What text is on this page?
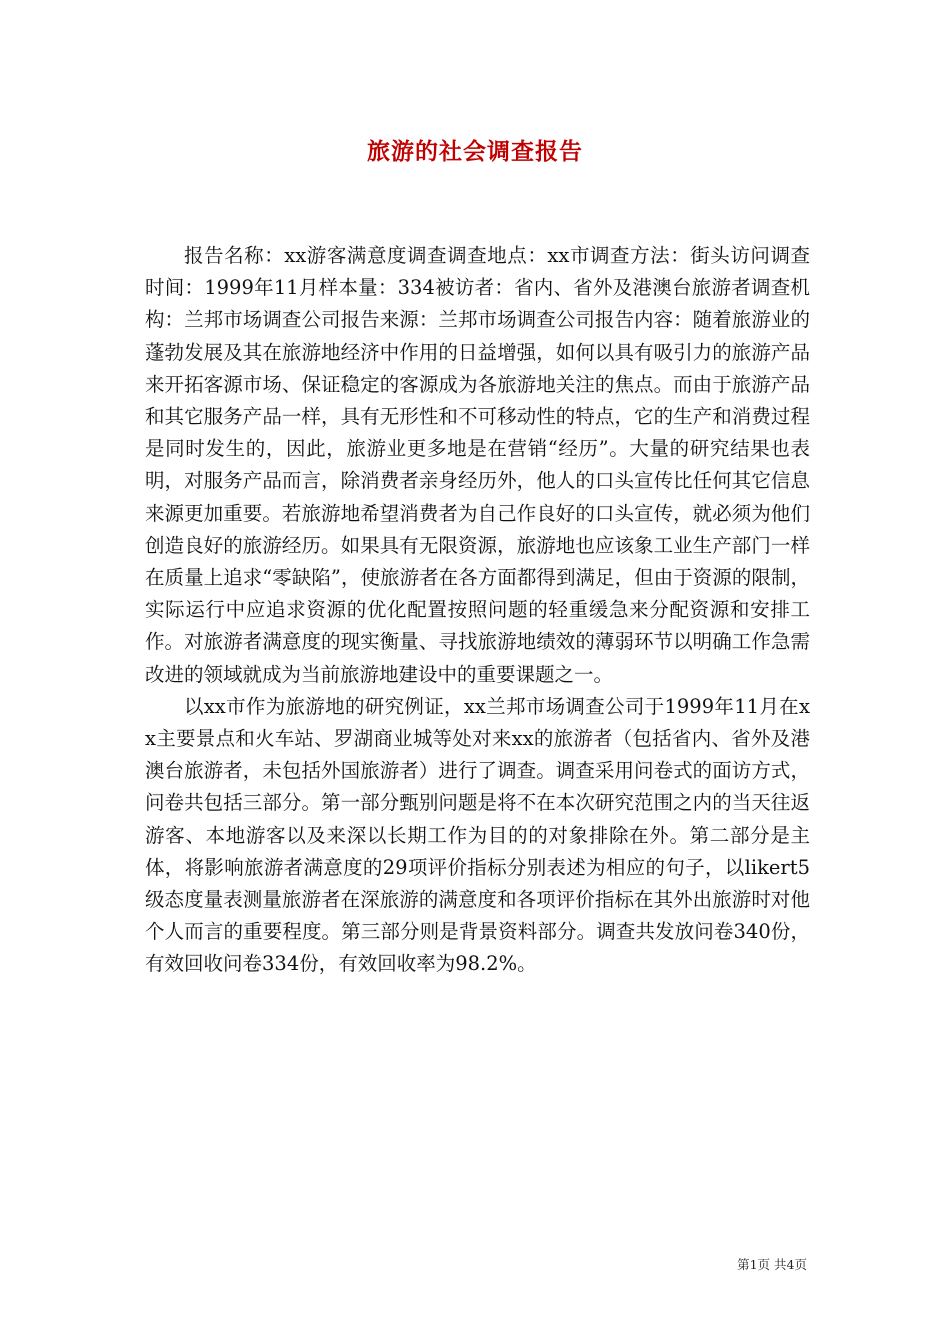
旅游的社会调查报告

报告名称：xx游客满意度调查调查地点：xx市调查方法：街头访问调查时间：1999年11月样本量：334被访者：省内、省外及港澳台旅游者调查机构：兰邦市场调查公司报告来源：兰邦市场调查公司报告内容：随着旅游业的蓬勃发展及其在旅游地经济中作用的日益增强，如何以具有吸引力的旅游产品来开拓客源市场、保证稳定的客源成为各旅游地关注的焦点。而由于旅游产品和其它服务产品一样，具有无形性和不可移动性的特点，它的生产和消费过程是同时发生的，因此，旅游业更多地是在营销“经历”。大量的研究结果也表明，对服务产品而言，除消费者亲身经历外，他人的口头宣传比任何其它信息来源更加重要。若旅游地希望消费者为自己作良好的口头宣传，就必须为他们创造良好的旅游经历。如果具有无限资源，旅游地也应该象工业生产部门一样在质量上追求“零缺陷”，使旅游者在各方面都得到满足，但由于资源的限制，实际运行中应追求资源的优化配置按照问题的轻重缓急来分配资源和安排工作。对旅游者满意度的现实衡量、寻找旅游地绩效的薄弱环节以明确工作急需改进的领域就成为当前旅游地建设中的重要课题之一。

以xx市作为旅游地的研究例证，xx兰邦市场调查公司于1999年11月在xx主要景点和火车站、罗湖商业城等处对来xx的旅游者（包括省内、省外及港澳台旅游者，未包括外国旅游者）进行了调查。调查采用问卷式的面访方式，问卷共包括三部分。第一部分甄别问题是将不在本次研究范围之内的当天往返游客、本地游客以及来深以长期工作为目的的对象排除在外。第二部分是主体，将影响旅游者满意度的29项评价指标分别表述为相应的句子，以likert5级态度量表测量旅游者在深旅游的满意度和各项评价指标在其外出旅游时对他个人而言的重要程度。第三部分则是背景资料部分。调查共发放问卷340份，有效回收问卷334份，有效回收率为98.2%。

第1页 共4页
